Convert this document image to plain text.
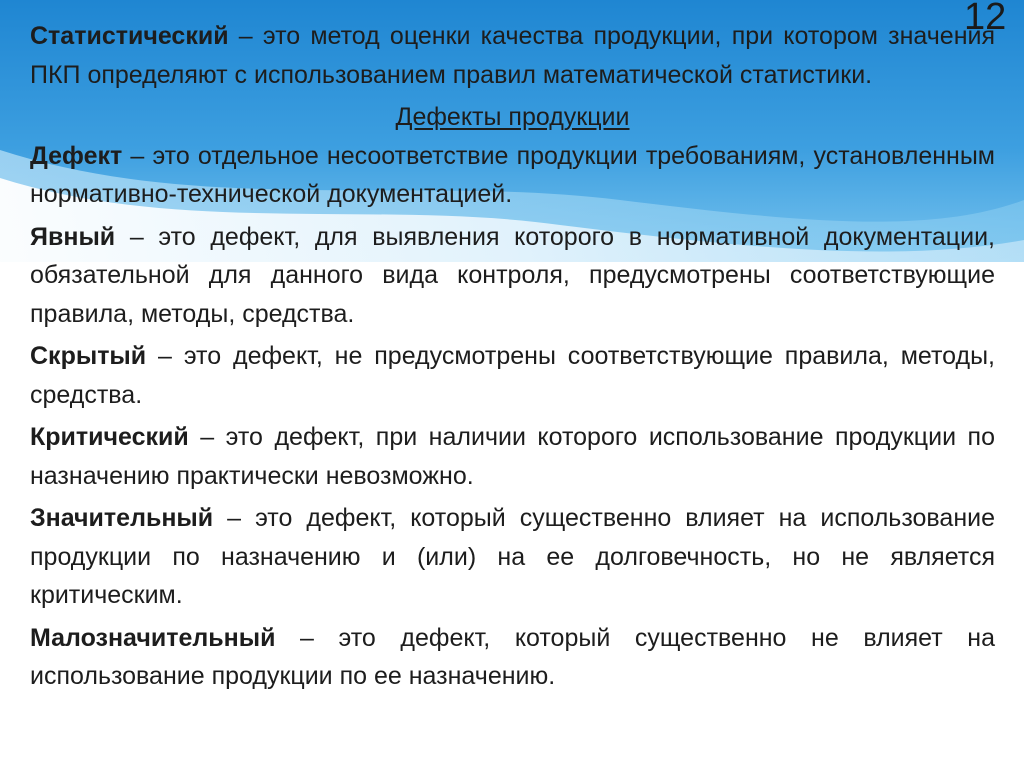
12

Статистический – это метод оценки качества продукции, при котором значения ПКП определяют с использованием правил математической статистики.

Дефекты продукции

Дефект – это отдельное несоответствие продукции требованиям, установленным нормативно-технической документацией.

Явный – это дефект, для выявления которого в нормативной документации, обязательной для данного вида контроля, предусмотрены соответствующие правила, методы, средства.

Скрытый – это дефект, не предусмотрены соответствующие правила, методы, средства.

Критический – это дефект, при наличии которого использование продукции по назначению практически невозможно.

Значительный – это дефект, который существенно влияет на использование продукции по назначению и (или) на ее долговечность, но не является критическим.

Малозначительный – это дефект, который существенно не влияет на использование продукции по ее назначению.
